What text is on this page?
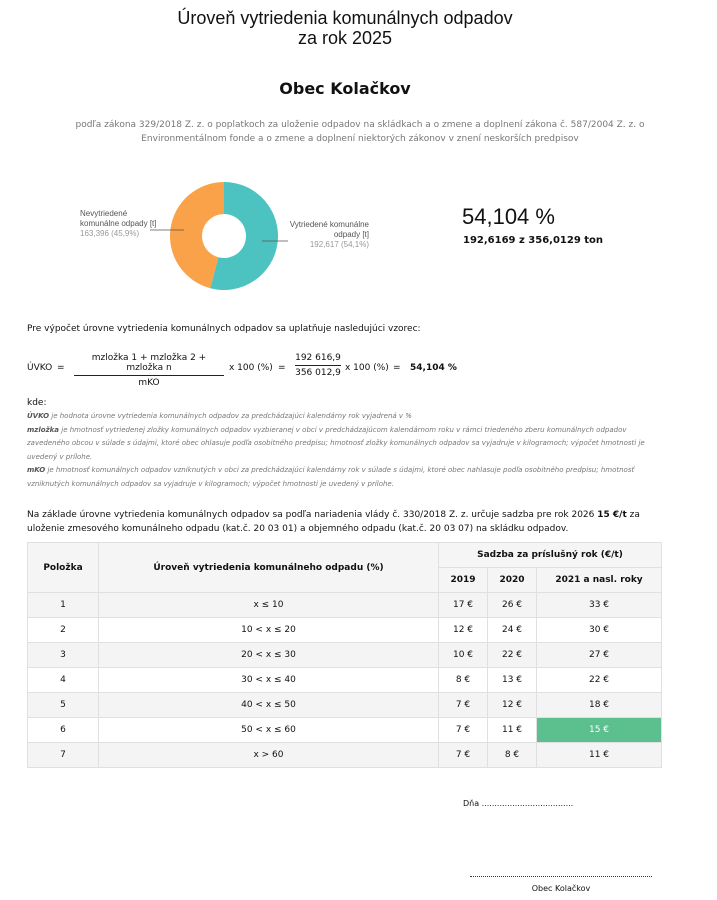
Úroveň vytriedenia komunálnych odpadov
za rok 2025
Obec Kolačkov
podľa zákona 329/2018 Z. z. o poplatkoch za uloženie odpadov na skládkach a o zmene a doplnení zákona č. 587/2004 Z. z. o Environmentálnom fonde a o zmene a doplnení niektorých zákonov v znení neskorších predpisov
Nevytriedené
komunálne odpady [t]
163,396 (45,9%)
Vytriedené komunálne
odpady [t]
192,617 (54,1%)
54,104 %
192,6169 z 356,0129 ton
Pre výpočet úrovne vytriedenia komunálnych odpadov sa uplatňuje nasledujúci vzorec:
ÚVKO =
mzložka 1 + mzložka 2 + mzložka n
mKO
x 100 (%) = $\frac{192 616,9}{356 012,9}$ x 100 (%) = 54,104 %
kde:
ÚVKO je hodnota úrovne vytriedenia komunálnych odpadov za predchádzajúci kalendárny rok vyjadrená v %
mzložka je hmotnosť vytriedenej zložky komunálnych odpadov vyzbieranej v obci v predchádzajúcom kalendárnom roku v rámci triedeného zberu komunálnych odpadov zavedeného obcou v súlade s údajmi, ktoré obec ohlasuje podľa osobitného predpisu; hmotnosť zložky komunálnych odpadov sa vyjadruje v kilogramoch; výpočet hmotnosti je uvedený v prílohe.
mKO je hmotnosť komunálnych odpadov vzniknutých v obci za predchádzajúci kalendárny rok v súlade s údajmi, ktoré obec nahlasuje podľa osobitného predpisu; hmotnosť vzniknutých komunálnych odpadov sa vyjadruje v kilogramoch; výpočet hmotnosti je uvedený v prílohe.
Na základe úrovne vytriedenia komunálnych odpadov sa podľa nariadenia vlády č. 330/2018 Z. z. určuje sadzba pre rok 2026 15 €/t za uloženie zmesového komunálneho odpadu (kat.č. 20 03 01) a objemného odpadu (kat.č. 20 03 07) na skládku odpadov.
Položka	Úroveň vytriedenia komunálneho odpadu (%)	Sadzba za príslušný rok (€/t)		
		2019	2020	2021 a nasl. roky
1	x ≤ 10	17 €	26 €	33 €
2	10 < x ≤ 20	12 €	24 €	30 €
3	20 < x ≤ 30	10 €	22 €	27 €
4	30 < x ≤ 40	8 €	13 €	22 €
5	40 < x ≤ 50	7 €	12 €	18 €
6	50 < x ≤ 60	7 €	11 €	15 €
7	x > 60	7 €	8 €	11 €
Dňa ....................................
Obec Kolačkov
